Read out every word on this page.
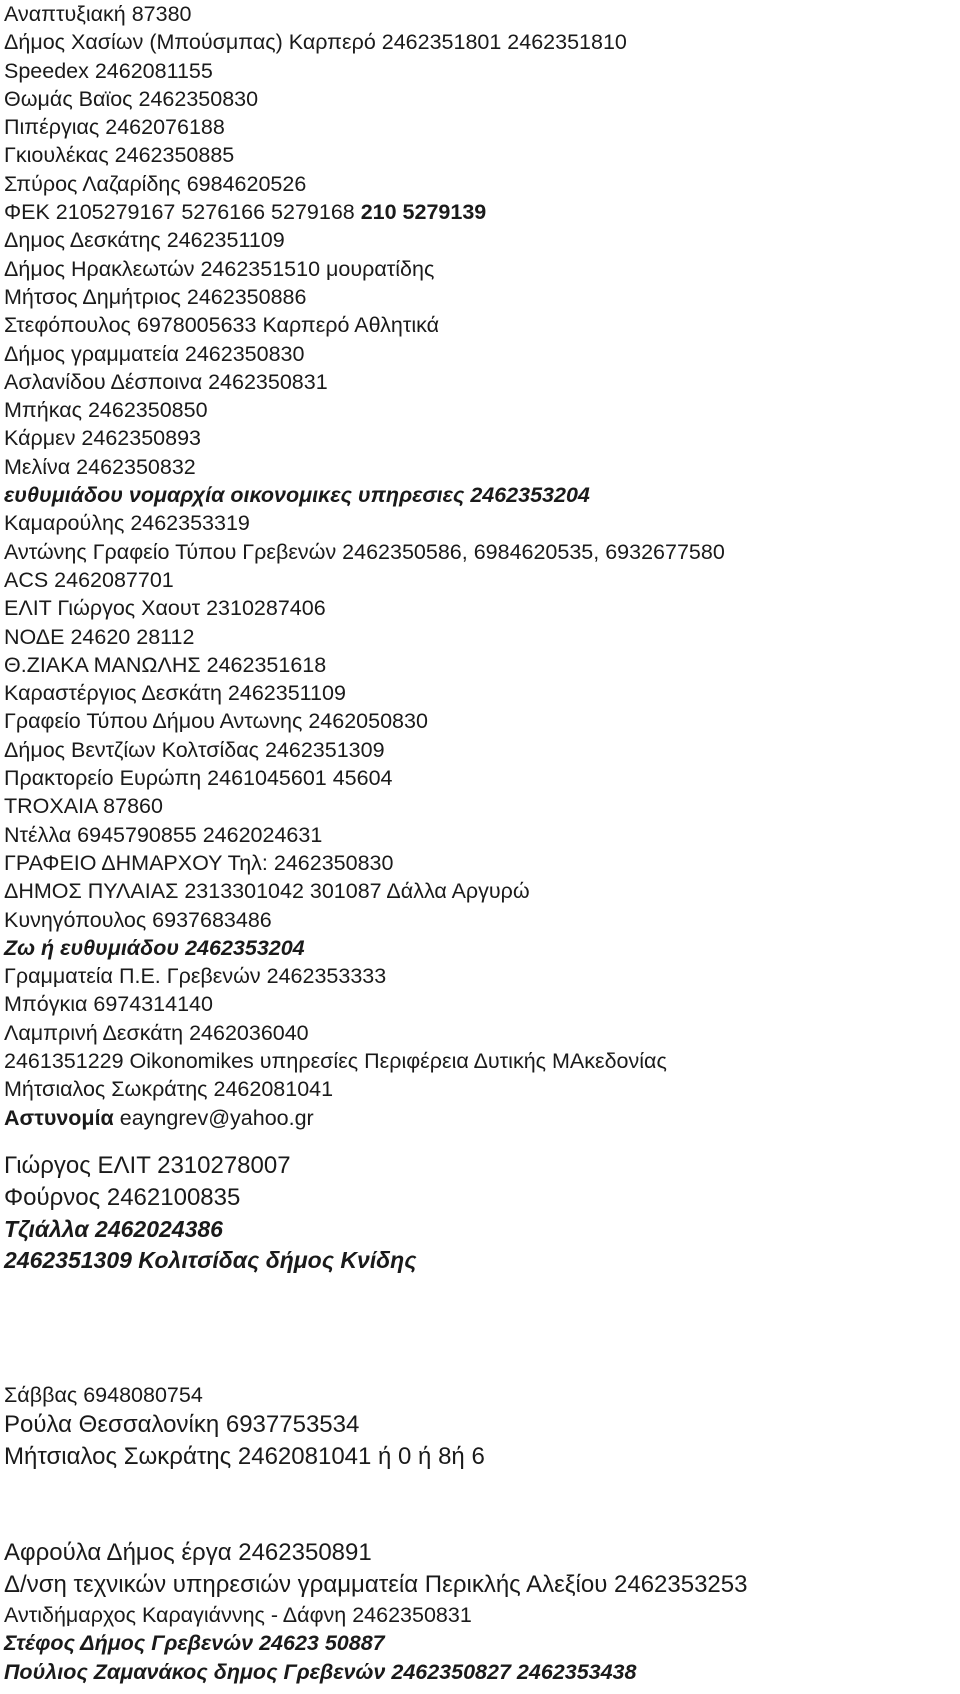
Αναπτυξιακή 87380
Δήμος Χασίων (Μπούσμπας) Καρπερό 2462351801 2462351810
Speedex 2462081155
Θωμάς Βαϊος 2462350830
Πιπέργιας 2462076188
Γκιουλέκας 2462350885
Σπύρος Λαζαρίδης 6984620526
ΦΕΚ 2105279167 5276166 5279168 210 5279139
Δημος Δεσκάτης 2462351109
Δήμος Ηρακλεωτών 2462351510 μουρατίδης
Μήτσος Δημήτριος 2462350886
Στεφόπουλος 6978005633 Καρπερό Αθλητικά
Δήμος γραμματεία 2462350830
Ασλανίδου Δέσποινα 2462350831
Μπήκας 2462350850
Κάρμεν 2462350893
Μελίνα 2462350832
ευθυμιάδου νομαρχία οικονομικες υπηρεσιες 2462353204
Καμαρούλης 2462353319
Αντώνης Γραφείο Τύπου Γρεβενών 2462350586, 6984620535, 6932677580
ACS 2462087701
ΕΛΙΤ Γιώργος Χαουτ 2310287406
ΝΟΔΕ 24620 28112
Θ.ΖΙΑΚΑ ΜΑΝΩΛΗΣ 2462351618
Καραστέργιος Δεσκάτη 2462351109
Γραφείο Τύπου Δήμου Αντωνης 2462050830
Δήμος Βεντζίων Κολτσίδας 2462351309
Πρακτορείο Ευρώπη 2461045601 45604
TROXAIA 87860
Ντέλλα 6945790855 2462024631
ΓΡΑΦΕΙΟ ΔΗΜΑΡΧΟΥ Τηλ: 2462350830
ΔΗΜΟΣ ΠΥΛΑΙΑΣ 2313301042 301087 Δάλλα Αργυρώ
Κυνηγόπουλος 6937683486
Ζω ή ευθυμιάδου 2462353204
Γραμματεία Π.Ε. Γρεβενών 2462353333
Μπόγκια 6974314140
Λαμπρινή Δεσκάτη 2462036040
2461351229 Oikonomikes υπηρεσίες Περιφέρεια Δυτικής ΜΑκεδονίας
Μήτσιαλος Σωκράτης 2462081041
Αστυνομία eayngrev@yahoo.gr
Γιώργος ΕΛΙΤ 2310278007
Φούρνος 2462100835
Τζιάλλα 2462024386
2462351309 Κολιτσίδας δήμος Κνίδης
Σάββας 6948080754
Ρούλα Θεσσαλονίκη 6937753534
Μήτσιαλος Σωκράτης 2462081041 ή 0 ή 8ή 6
Αφρούλα Δήμος έργα 2462350891
Δ/νση τεχνικών υπηρεσιών γραμματεία Περικλής Αλεξίου 2462353253
Αντιδήμαρχος Καραγιάννης - Δάφνη 2462350831
Στέφος Δήμος Γρεβενών 24623 50887
Πούλιος Ζαμανάκος δημος Γρεβενών 2462350827 2462353438
